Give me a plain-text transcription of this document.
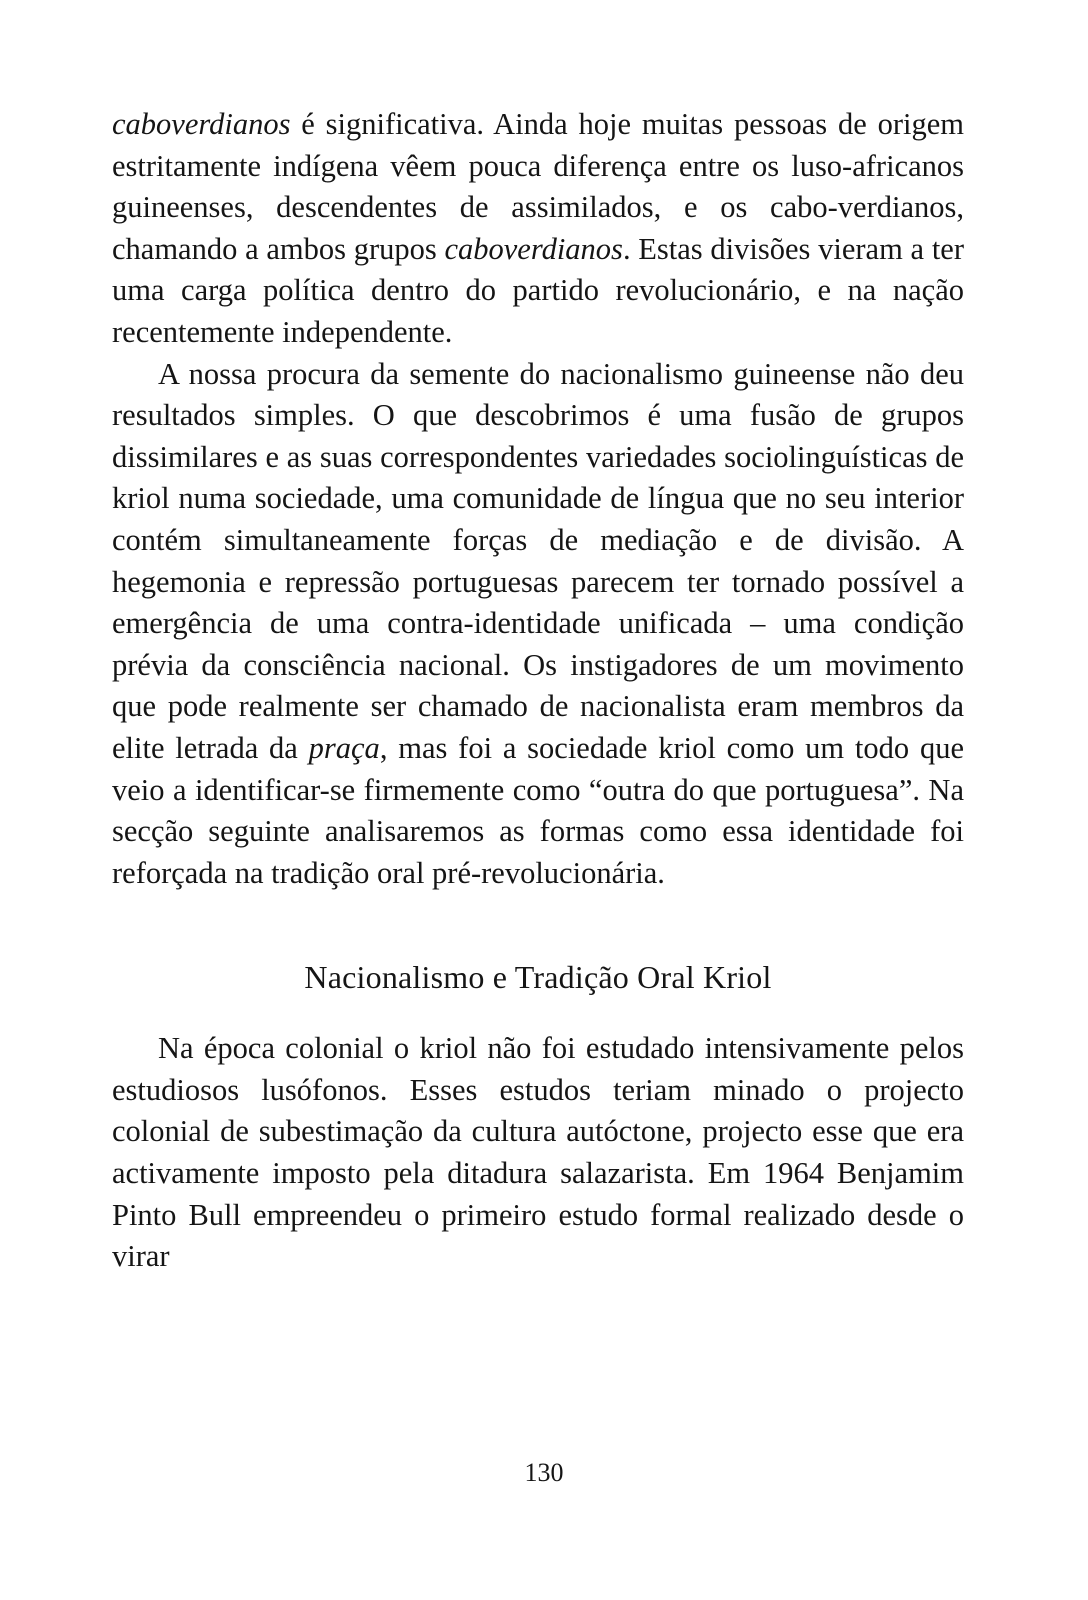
caboverdianos é significativa. Ainda hoje muitas pessoas de origem estritamente indígena vêem pouca diferença entre os luso-africanos guineenses, descendentes de assimilados, e os cabo-verdianos, chamando a ambos grupos caboverdianos. Estas divisões vieram a ter uma carga política dentro do partido revolucionário, e na nação recentemente independente.

A nossa procura da semente do nacionalismo guineense não deu resultados simples. O que descobrimos é uma fusão de grupos dissimilares e as suas correspondentes variedades sociolinguísticas de kriol numa sociedade, uma comunidade de língua que no seu interior contém simultaneamente forças de mediação e de divisão. A hegemonia e repressão portuguesas parecem ter tornado possível a emergência de uma contra-identidade unificada – uma condição prévia da consciência nacional. Os instigadores de um movimento que pode realmente ser chamado de nacionalista eram membros da elite letrada da praça, mas foi a sociedade kriol como um todo que veio a identificar-se firmemente como “outra do que portuguesa”. Na secção seguinte analisaremos as formas como essa identidade foi reforçada na tradição oral pré-revolucionária.

Nacionalismo e Tradição Oral Kriol

Na época colonial o kriol não foi estudado intensivamente pelos estudiosos lusófonos. Esses estudos teriam minado o projecto colonial de subestimação da cultura autóctone, projecto esse que era activamente imposto pela ditadura salazarista. Em 1964 Benjamim Pinto Bull empreendeu o primeiro estudo formal realizado desde o virar

130
